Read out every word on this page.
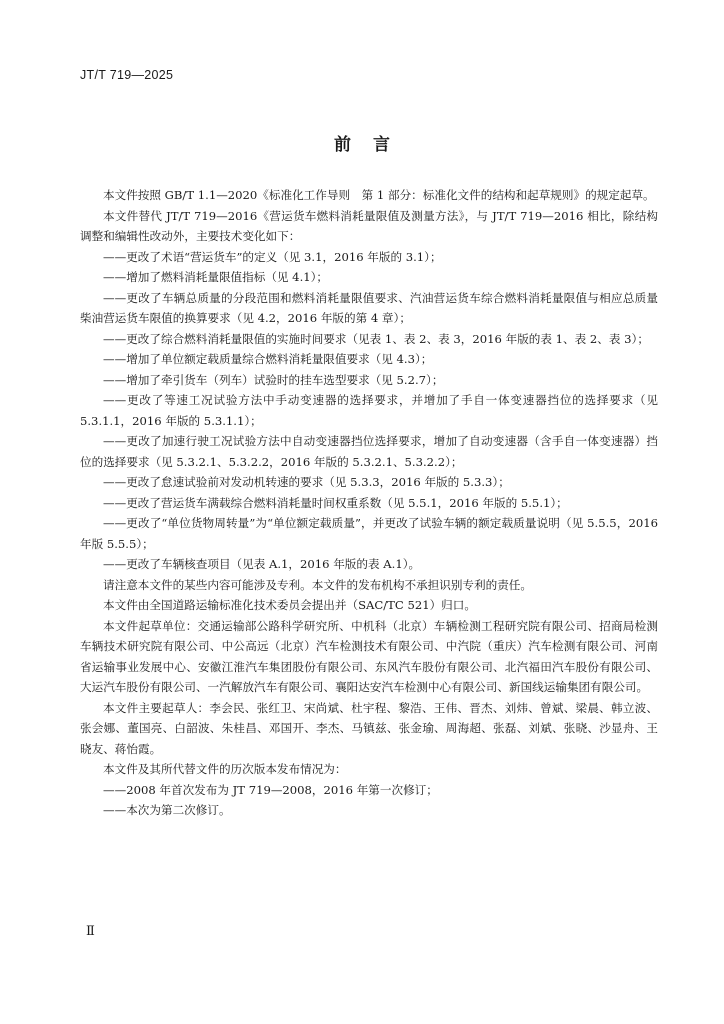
JT/T 719—2025
前言

本文件按照 GB/T 1.1—2020《标准化工作导则　第 1 部分：标准化文件的结构和起草规则》的规定起草。

本文件替代 JT/T 719—2016《营运货车燃料消耗量限值及测量方法》，与 JT/T 719—2016 相比，除结构调整和编辑性改动外，主要技术变化如下：

——更改了术语“营运货车”的定义（见 3.1，2016 年版的 3.1）；

——增加了燃料消耗量限值指标（见 4.1）；

——更改了车辆总质量的分段范围和燃料消耗量限值要求、汽油营运货车综合燃料消耗量限值与相应总质量柴油营运货车限值的换算要求（见 4.2，2016 年版的第 4 章）；

——更改了综合燃料消耗量限值的实施时间要求（见表 1、表 2、表 3，2016 年版的表 1、表 2、表 3）；

——增加了单位额定载质量综合燃料消耗量限值要求（见 4.3）；

——增加了牵引货车（列车）试验时的挂车选型要求（见 5.2.7）；

——更改了等速工况试验方法中手动变速器的选择要求，并增加了手自一体变速器挡位的选择要求（见 5.3.1.1，2016 年版的 5.3.1.1）；

——更改了加速行驶工况试验方法中自动变速器挡位选择要求，增加了自动变速器（含手自一体变速器）挡位的选择要求（见 5.3.2.1、5.3.2.2，2016 年版的 5.3.2.1、5.3.2.2）；

——更改了怠速试验前对发动机转速的要求（见 5.3.3，2016 年版的 5.3.3）；

——更改了营运货车满载综合燃料消耗量时间权重系数（见 5.5.1，2016 年版的 5.5.1）；

——更改了“单位货物周转量”为“单位额定载质量”，并更改了试验车辆的额定载质量说明（见 5.5.5，2016 年版 5.5.5）；

——更改了车辆核查项目（见表 A.1，2016 年版的表 A.1）。

请注意本文件的某些内容可能涉及专利。本文件的发布机构不承担识别专利的责任。

本文件由全国道路运输标准化技术委员会提出并（SAC/TC 521）归口。

本文件起草单位：交通运输部公路科学研究所、中机科（北京）车辆检测工程研究院有限公司、招商局检测车辆技术研究院有限公司、中公高远（北京）汽车检测技术有限公司、中汽院（重庆）汽车检测有限公司、河南省运输事业发展中心、安徽江淮汽车集团股份有限公司、东风汽车股份有限公司、北汽福田汽车股份有限公司、大运汽车股份有限公司、一汽解放汽车有限公司、襄阳达安汽车检测中心有限公司、新国线运输集团有限公司。

本文件主要起草人：李会民、张红卫、宋尚斌、杜宇程、黎浩、王伟、晋杰、刘炜、曾斌、梁晨、韩立波、张会娜、董国亮、白韶波、朱桂昌、邓国开、李杰、马镇兹、张金瑜、周海超、张磊、刘斌、张晓、沙显舟、王晓友、蒋怡霞。

本文件及其所代替文件的历次版本发布情况为：

——2008 年首次发布为 JT 719—2008，2016 年第一次修订；

——本次为第二次修订。

Ⅱ
